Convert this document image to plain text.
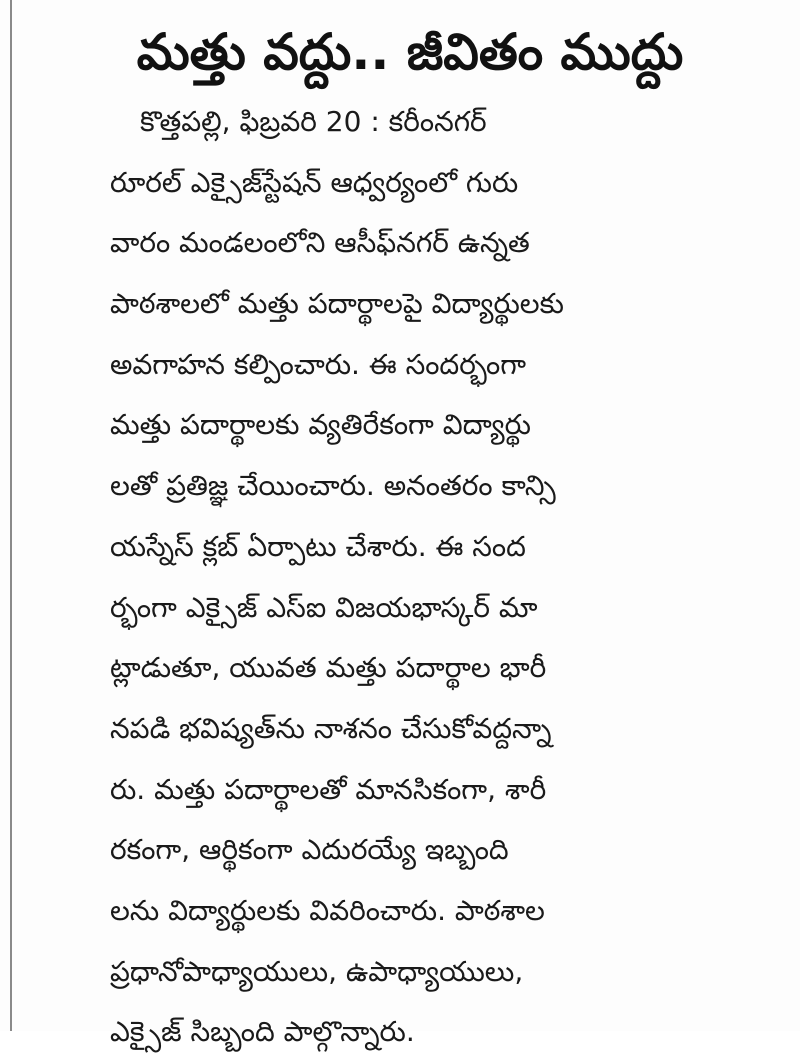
మత్తు వద్దు.. జీవితం ముద్దు
కొత్తపల్లి, ఫిబ్రవరి 20 : కరీంనగర్
రూరల్ ఎక్సైజ్‌స్టేషన్ ఆధ్వర్యంలో గురు
వారం మండలంలోని ఆసీఫ్‌నగర్ ఉన్నత
పాఠశాలలో మత్తు పదార్థాలపై విద్యార్థులకు
అవగాహన కల్పించారు. ఈ సందర్భంగా
మత్తు పదార్థాలకు వ్యతిరేకంగా విద్యార్థు
లతో ప్రతిజ్ఞ చేయించారు. అనంతరం కాన్సి
యస్నేస్ క్లబ్ ఏర్పాటు చేశారు. ఈ సంద
ర్భంగా ఎక్సైజ్ ఎస్ఐ విజయభాస్కర్ మా
ట్లాడుతూ, యువత మత్తు పదార్థాల భారీ
నపడి భవిష్యత్‌ను నాశనం చేసుకోవద్దన్నా
రు. మత్తు పదార్థాలతో మానసికంగా, శారీ
రకంగా, ఆర్థికంగా ఎదురయ్యే ఇబ్బంది
లను విద్యార్థులకు వివరించారు. పాఠశాల
ప్రధానోపాధ్యాయులు, ఉపాధ్యాయులు,
ఎక్సైజ్ సిబ్బంది పాల్గొన్నారు.
